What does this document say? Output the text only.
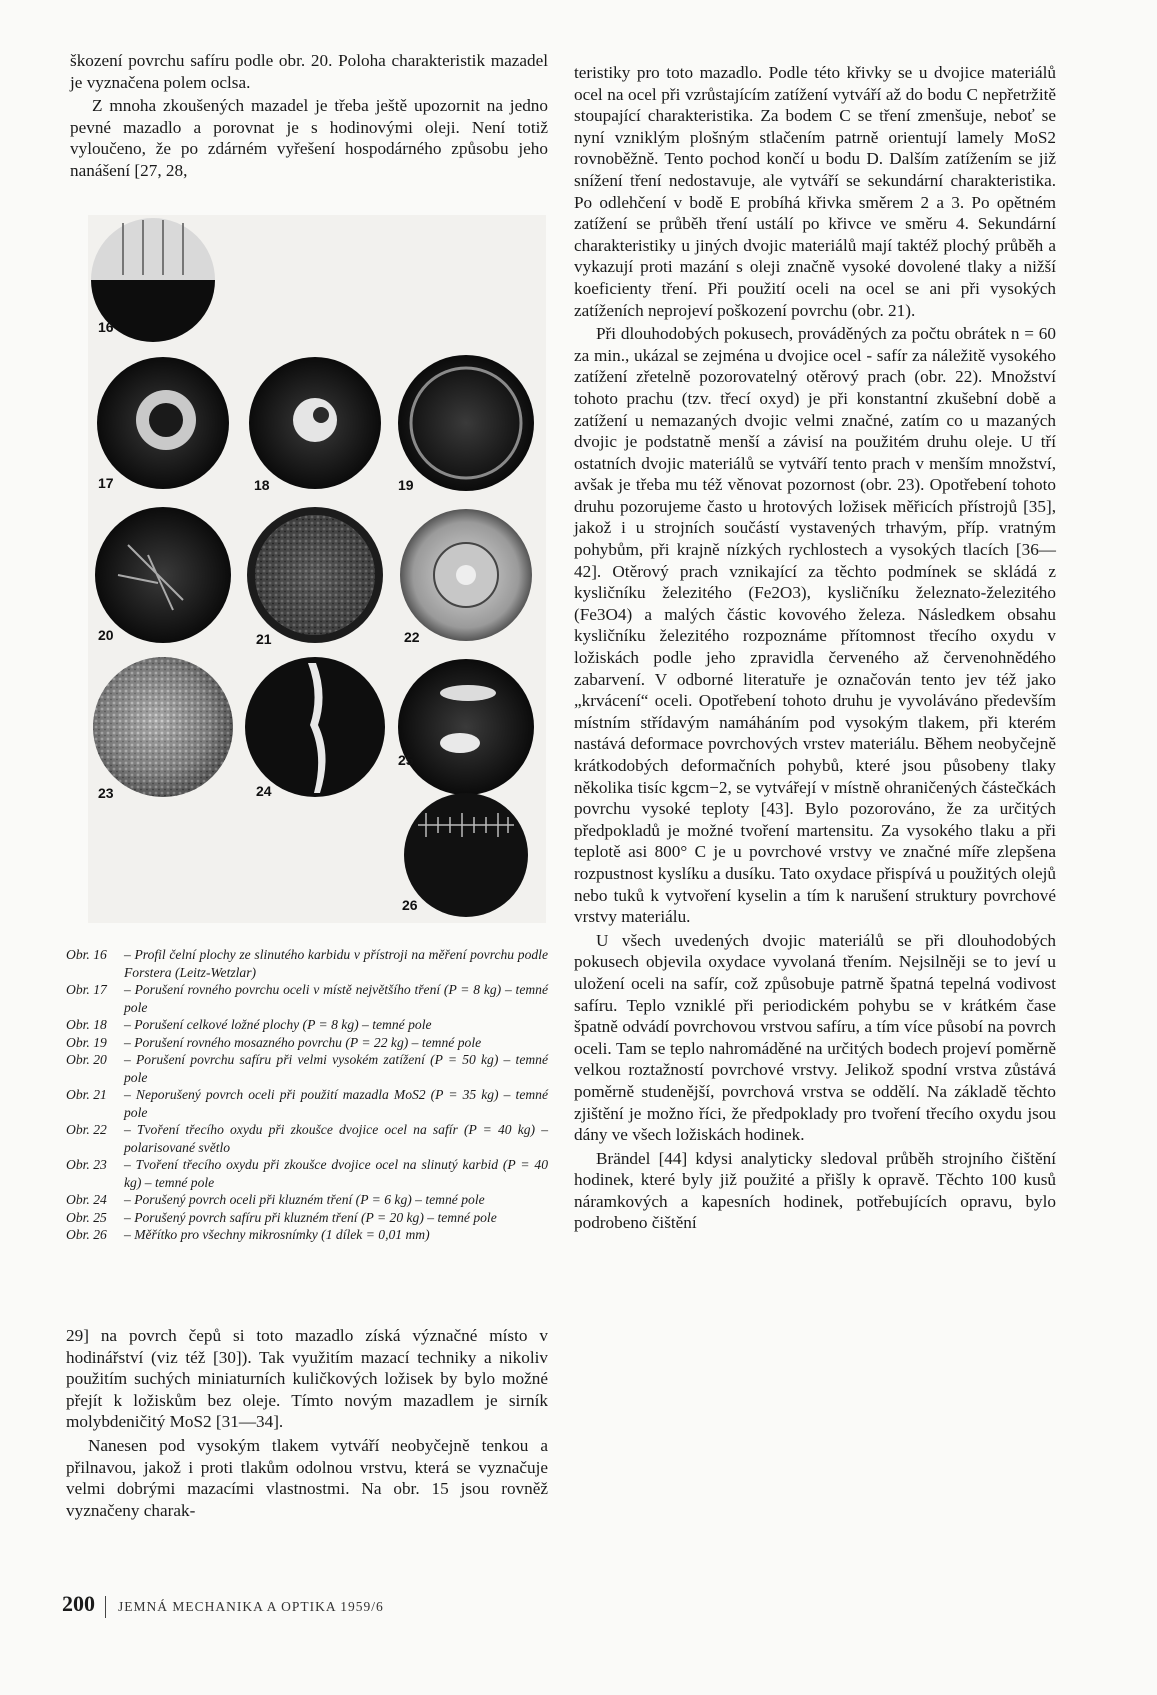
škození povrchu safíru podle obr. 20. Poloha charakteristik mazadel je vyznačena polem oclsa.

Z mnoha zkoušených mazadel je třeba ještě upozornit na jedno pevné mazadlo a porovnat je s hodinovými oleji. Není totiž vyloučeno, že po zdárném vyřešení hospodárného způsobu jeho nanášení [27, 28,

16
17	18	19
20	21	22
23	24
25
26
Obr. 16	– Profil čelní plochy ze slinutého karbidu v přístroji na měření povrchu podle Forstera (Leitz-Wetzlar)
Obr. 17	– Porušení rovného povrchu oceli v místě největšího tření (P = 8 kg) – temné pole
Obr. 18	– Porušení celkové ložné plochy (P = 8 kg) – temné pole
Obr. 19	– Porušení rovného mosazného povrchu (P = 22 kg) – temné pole
Obr. 20	– Porušení povrchu safíru při velmi vysokém zatížení (P = 50 kg) – temné pole
Obr. 21	– Neporušený povrch oceli při použití mazadla MoS2 (P = 35 kg) – temné pole
Obr. 22	– Tvoření třecího oxydu při zkoušce dvojice ocel na safír (P = 40 kg) – polarisované světlo
Obr. 23	– Tvoření třecího oxydu při zkoušce dvojice ocel na slinutý karbid (P = 40 kg) – temné pole
Obr. 24	– Porušený povrch oceli při kluzném tření (P = 6 kg) – temné pole
Obr. 25	– Porušený povrch safíru při kluzném tření (P = 20 kg) – temné pole
Obr. 26	– Měřítko pro všechny mikrosnímky (1 dílek = 0,01 mm)

29] na povrch čepů si toto mazadlo získá význačné místo v hodinářství (viz též [30]). Tak využitím mazací techniky a nikoliv použitím suchých miniaturních kuličkových ložisek by bylo možné přejít k ložiskům bez oleje. Tímto novým mazadlem je sirník molybdeničitý MoS2 [31—34].

Nanesen pod vysokým tlakem vytváří neobyčejně tenkou a přilnavou, jakož i proti tlakům odolnou vrstvu, která se vyznačuje velmi dobrými mazacími vlastnostmi. Na obr. 15 jsou rovněž vyznačeny charak-

teristiky pro toto mazadlo. Podle této křivky se u dvojice materiálů ocel na ocel při vzrůstajícím zatížení vytváří až do bodu C nepřetržitě stoupající charakteristika. Za bodem C se tření zmenšuje, neboť se nyní vzniklým plošným stlačením patrně orientují lamely MoS2 rovnoběžně. Tento pochod končí u bodu D. Dalším zatížením se již snížení tření nedostavuje, ale vytváří se sekundární charakteristika. Po odlehčení v bodě E probíhá křivka směrem 2 a 3. Po opětném zatížení se průběh tření ustálí po křivce ve směru 4. Sekundární charakteristiky u jiných dvojic materiálů mají taktéž plochý průběh a vykazují proti mazání s oleji značně vysoké dovolené tlaky a nižší koeficienty tření. Při použití oceli na ocel se ani při vysokých zatíženích neprojeví poškození povrchu (obr. 21).

Při dlouhodobých pokusech, prováděných za počtu obrátek n = 60 za min., ukázal se zejména u dvojice ocel - safír za náležitě vysokého zatížení zřetelně pozorovatelný otěrový prach (obr. 22). Množství tohoto prachu (tzv. třecí oxyd) je při konstantní zkušební době a zatížení u nemazaných dvojic velmi značné, zatím co u mazaných dvojic je podstatně menší a závisí na použitém druhu oleje. U tří ostatních dvojic materiálů se vytváří tento prach v menším množství, avšak je třeba mu též věnovat pozornost (obr. 23). Opotřebení tohoto druhu pozorujeme často u hrotových ložisek měřicích přístrojů [35], jakož i u strojních součástí vystavených trhavým, příp. vratným pohybům, při krajně nízkých rychlostech a vysokých tlacích [36—42]. Otěrový prach vznikající za těchto podmínek se skládá z kysličníku železitého (Fe2O3), kysličníku železnato-železitého (Fe3O4) a malých částic kovového železa. Následkem obsahu kysličníku železitého rozpoznáme přítomnost třecího oxydu v ložiskách podle jeho zpravidla červeného až červenohnědého zabarvení. V odborné literatuře je označován tento jev též jako „krvácení“ oceli. Opotřebení tohoto druhu je vyvoláváno především místním střídavým namáháním pod vysokým tlakem, při kterém nastává deformace povrchových vrstev materiálu. Během neobyčejně krátkodobých deformačních pohybů, které jsou působeny tlaky několika tisíc kgcm−2, se vytvářejí v místně ohraničených částečkách povrchu vysoké teploty [43]. Bylo pozorováno, že za určitých předpokladů je možné tvoření martensitu. Za vysokého tlaku a při teplotě asi 800° C je u povrchové vrstvy ve značné míře zlepšena rozpustnost kyslíku a dusíku. Tato oxydace přispívá u použitých olejů nebo tuků k vytvoření kyselin a tím k narušení struktury povrchové vrstvy materiálu.

U všech uvedených dvojic materiálů se při dlouhodobých pokusech objevila oxydace vyvolaná třením. Nejsilněji se to jeví u uložení oceli na safír, což způsobuje patrně špatná tepelná vodivost safíru. Teplo vzniklé při periodickém pohybu se v krátkém čase špatně odvádí povrchovou vrstvou safíru, a tím více působí na povrch oceli. Tam se teplo nahromáděné na určitých bodech projeví poměrně velkou roztažností povrchové vrstvy. Jelikož spodní vrstva zůstává poměrně studenější, povrchová vrstva se oddělí. Na základě těchto zjištění je možno říci, že předpoklady pro tvoření třecího oxydu jsou dány ve všech ložiskách hodinek.

Brändel [44] kdysi analyticky sledoval průběh strojního čištění hodinek, které byly již použité a přišly k opravě. Těchto 100 kusů náramkových a kapesních hodinek, potřebujících opravu, bylo podrobeno čištění

200 JEMNÁ MECHANIKA A OPTIKA 1959/6
